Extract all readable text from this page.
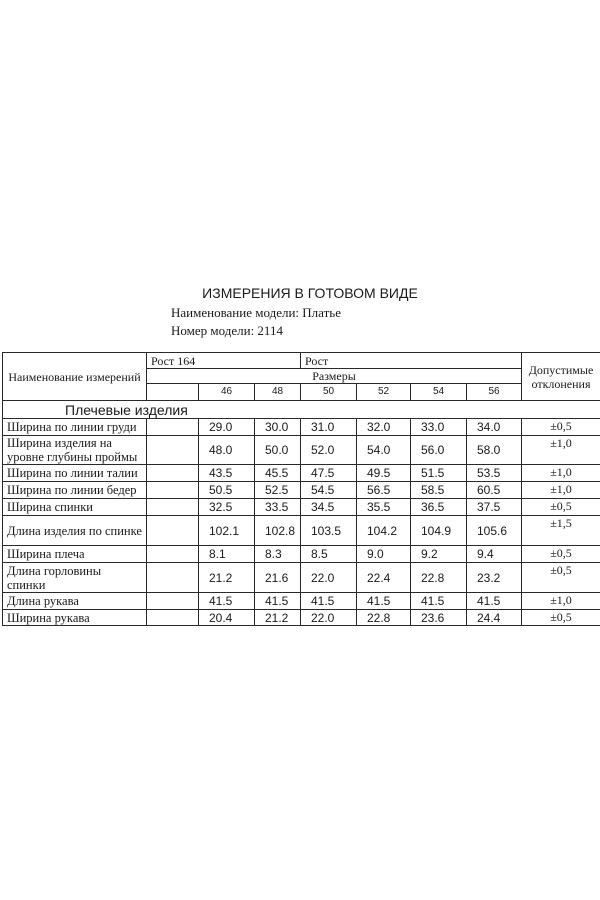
ИЗМЕРЕНИЯ В ГОТОВОМ ВИДЕ
Наименование модели: Платье
Номер модели: 2114
Наименование измерений	Рост 164			Рост				Допустимые отклонения
	Размеры							
		46	48	50	52	54	56	
Плечевые изделия								
Ширина по линии груди		29.0	30.0	31.0	32.0	33.0	34.0	±0,5
Ширина изделия на уровне глубины проймы		48.0	50.0	52.0	54.0	56.0	58.0	±1,0
Ширина по линии талии		43.5	45.5	47.5	49.5	51.5	53.5	±1,0
Ширина по линии бедер		50.5	52.5	54.5	56.5	58.5	60.5	±1,0
Ширина спинки		32.5	33.5	34.5	35.5	36.5	37.5	±0,5
Длина изделия по спинке		102.1	102.8	103.5	104.2	104.9	105.6	±1,5
Ширина плеча		8.1	8.3	8.5	9.0	9.2	9.4	±0,5
Длина горловины спинки		21.2	21.6	22.0	22.4	22.8	23.2	±0,5
Длина рукава		41.5	41.5	41.5	41.5	41.5	41.5	±1,0
Ширина рукава		20.4	21.2	22.0	22.8	23.6	24.4	±0,5
